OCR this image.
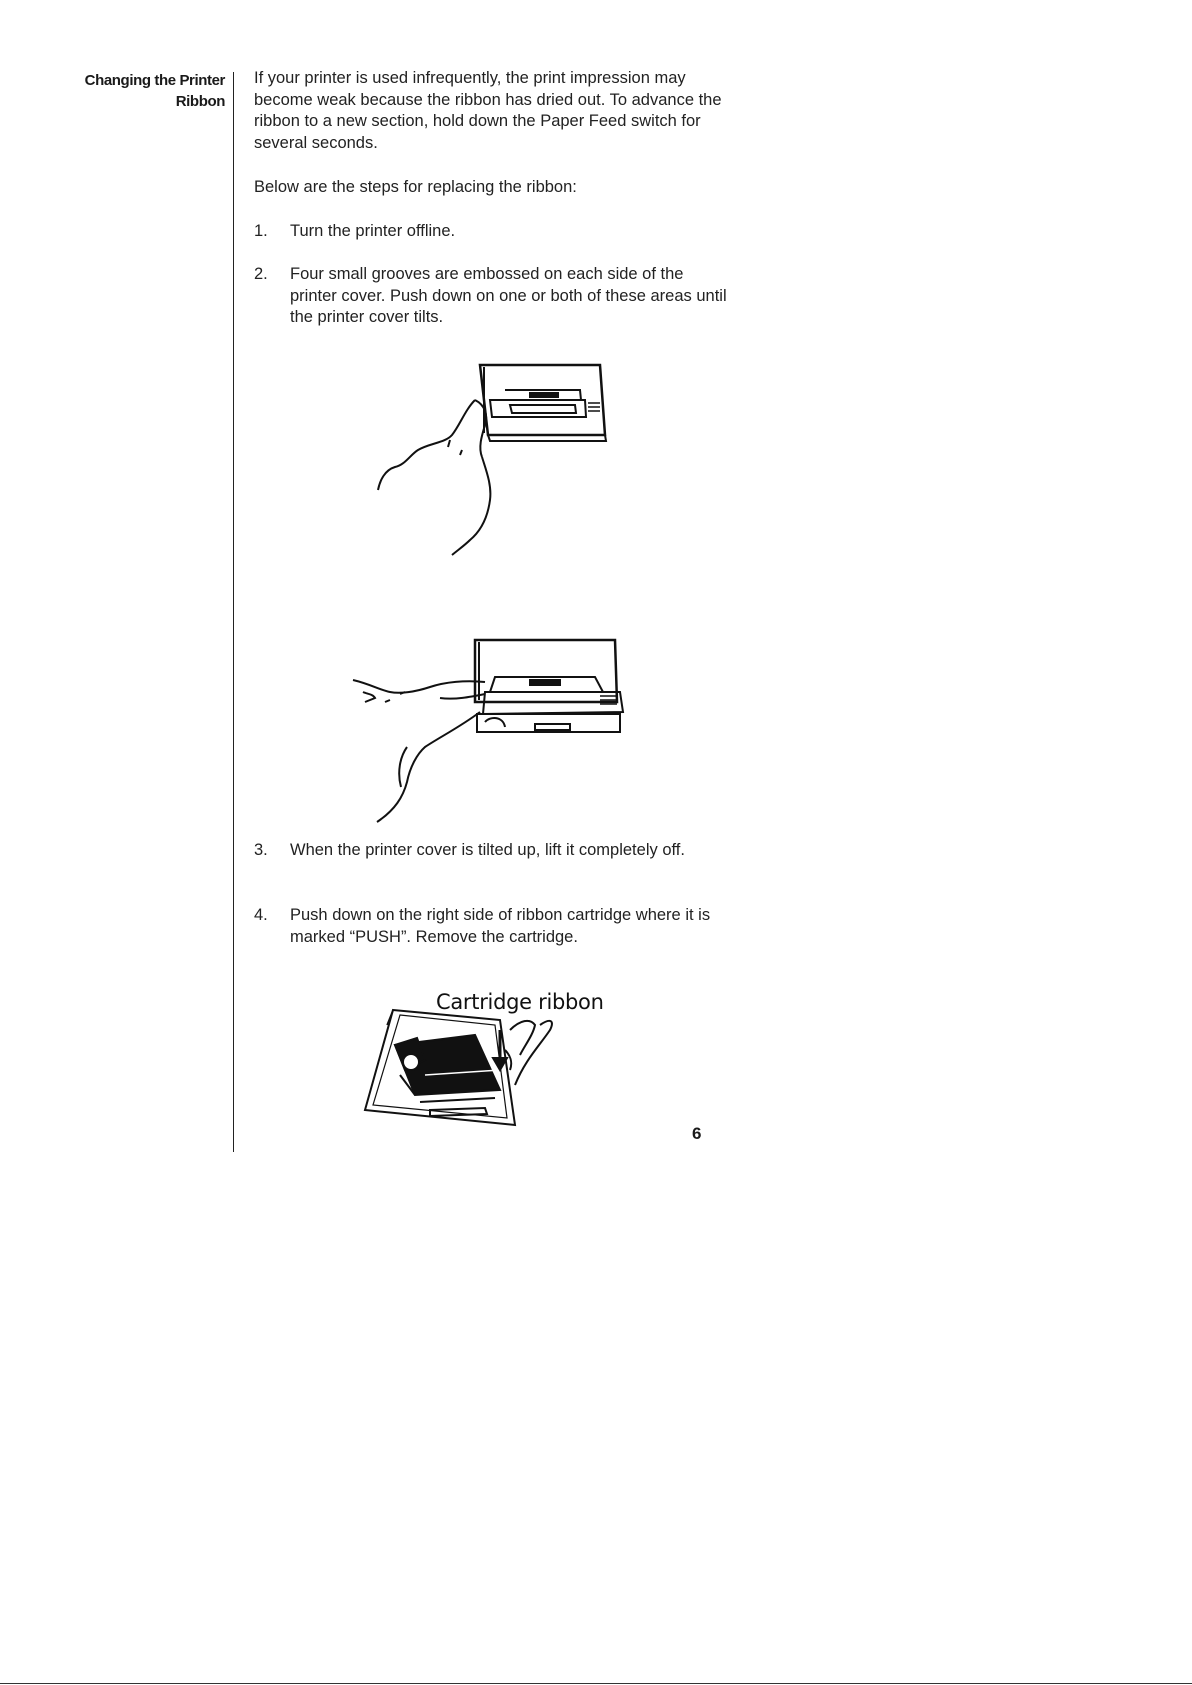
Changing the Printer
Ribbon
If your printer is used infrequently, the print impression may become weak because the ribbon has dried out. To advance the ribbon to a new section, hold down the Paper Feed switch for several seconds.
Below are the steps for replacing the ribbon:
1.	Turn the printer offline.
2.	Four small grooves are embossed on each side of the printer cover. Push down on one or both of these areas until the printer cover tilts.
3.	When the printer cover is tilted up, lift it completely off.
4.	Push down on the right side of ribbon cartridge where it is marked “PUSH”. Remove the cartridge.
Cartridge ribbon
6
